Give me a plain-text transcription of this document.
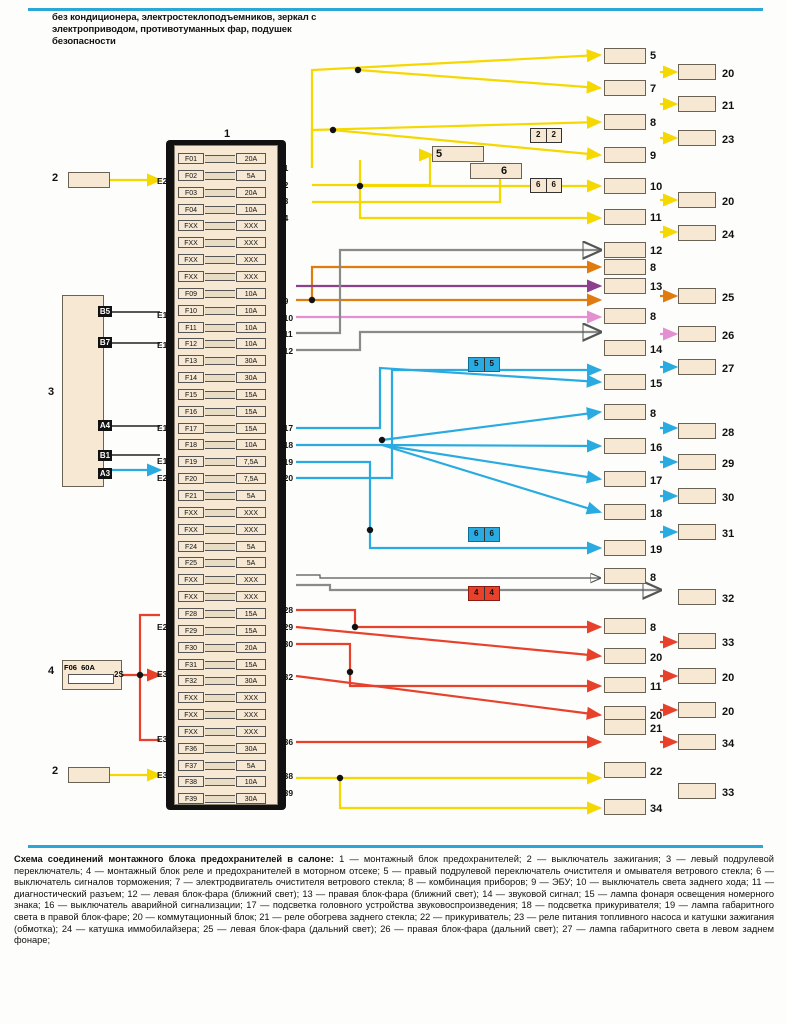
без кондиционера, электростеклоподъемников, зеркал с электроприводом, противотуманных фар, подушек безопасности
1
F01	20A
F02	5A
F03	20A
F04	10A
FXX	XXX
FXX	XXX
FXX	XXX
FXX	XXX
F09	10A
F10	10A
F11	10A
F12	10A
F13	30A
F14	30A
F15	15A
F16	15A
F17	15A
F18	10A
F19	7,5A
F20	7,5A
F21	5A
FXX	XXX
FXX	XXX
F24	5A
F25	5A
FXX	XXX
FXX	XXX
F28	15A
F29	15A
F30	20A
F31	15A
F32	30A
FXX	XXX
FXX	XXX
FXX	XXX
F36	30A
F37	5A
F38	10A
F39	30A
F06 60A
2S
2
3
4
2
5
6
5
7
8
9
10
11
12
8
13
8
14
15
8
16
17
18
19
8
8
20
11
20
21
22
34
20
21
23
20
24
25
26
27
28
29
30
31
32
33
20
20
34
33
E2
E10
E12
E17
E19
E20
E29
E32
E36
E38
S1
S2
S3
S4
S9
S10
S11
S12
S17
S18
S19
S20
S28
S29
S30
S32
S36
S38
S39
B5
B7
A4
B1
A3
2	2
6	6
5	5
6	6
4	4
Схема соединений монтажного блока предохранителей в салоне: 1 — монтажный блок предохранителей; 2 — выключатель зажигания; 3 — левый подрулевой переключатель; 4 — монтажный блок реле и предохранителей в моторном отсеке; 5 — правый подрулевой переключатель очистителя и омывателя ветрового стекла; 6 — выключатель сигналов торможения; 7 — электродвигатель очистителя ветрового стекла; 8 — комбинация приборов; 9 — ЭБУ; 10 — выключатель света заднего хода; 11 — диагностический разъем; 12 — левая блок-фара (ближний свет); 13 — правая блок-фара (ближний свет); 14 — звуковой сигнал; 15 — лампа фонаря освещения номерного знака; 16 — выключатель аварийной сигнализации; 17 — подсветка головного устройства звуковоспроизведения; 18 — подсветка прикуривателя; 19 — лампа габаритного света в правой блок-фаре; 20 — коммутационный блок; 21 — реле обогрева заднего стекла; 22 — прикуриватель; 23 — реле питания топливного насоса и катушки зажигания (обмотка); 24 — катушка иммобилайзера; 25 — левая блок-фара (дальний свет); 26 — правая блок-фара (дальний свет); 27 — лампа габаритного света в левом заднем фонаре;
